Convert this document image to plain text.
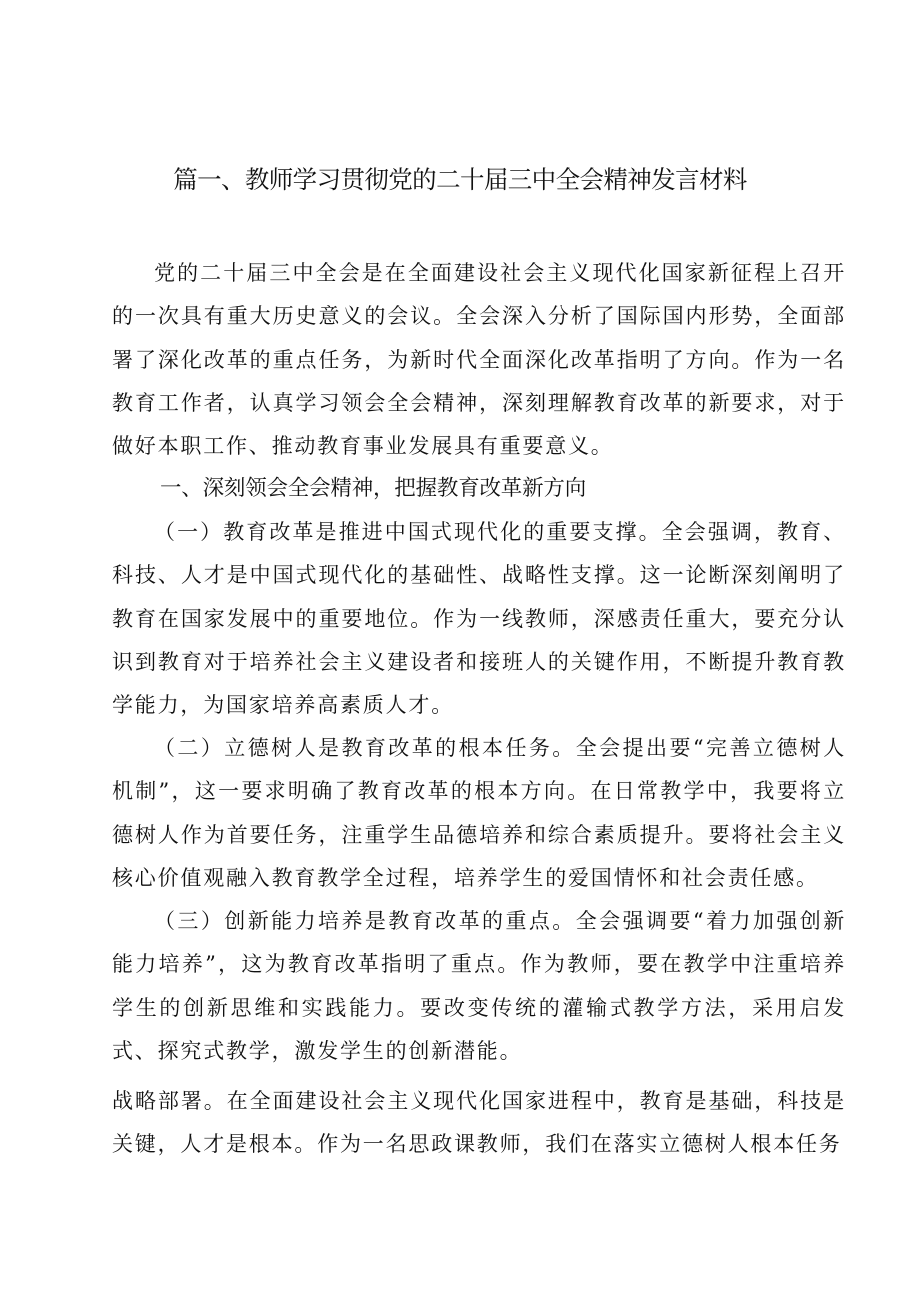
篇一、教师学习贯彻党的二十届三中全会精神发言材料

党的二十届三中全会是在全面建设社会主义现代化国家新征程上召开的一次具有重大历史意义的会议。全会深入分析了国际国内形势，全面部署了深化改革的重点任务，为新时代全面深化改革指明了方向。作为一名教育工作者，认真学习领会全会精神，深刻理解教育改革的新要求，对于做好本职工作、推动教育事业发展具有重要意义。

一、深刻领会全会精神，把握教育改革新方向

（一）教育改革是推进中国式现代化的重要支撑。全会强调，教育、科技、人才是中国式现代化的基础性、战略性支撑。这一论断深刻阐明了教育在国家发展中的重要地位。作为一线教师，深感责任重大，要充分认识到教育对于培养社会主义建设者和接班人的关键作用，不断提升教育教学能力，为国家培养高素质人才。

（二）立德树人是教育改革的根本任务。全会提出要“完善立德树人机制”，这一要求明确了教育改革的根本方向。在日常教学中，我要将立德树人作为首要任务，注重学生品德培养和综合素质提升。要将社会主义核心价值观融入教育教学全过程，培养学生的爱国情怀和社会责任感。

（三）创新能力培养是教育改革的重点。全会强调要“着力加强创新能力培养”，这为教育改革指明了重点。作为教师，要在教学中注重培养学生的创新思维和实践能力。要改变传统的灌输式教学方法，采用启发式、探究式教学，激发学生的创新潜能。

战略部署。在全面建设社会主义现代化国家进程中，教育是基础，科技是关键，人才是根本。作为一名思政课教师，我们在落实立德树人根本任务
